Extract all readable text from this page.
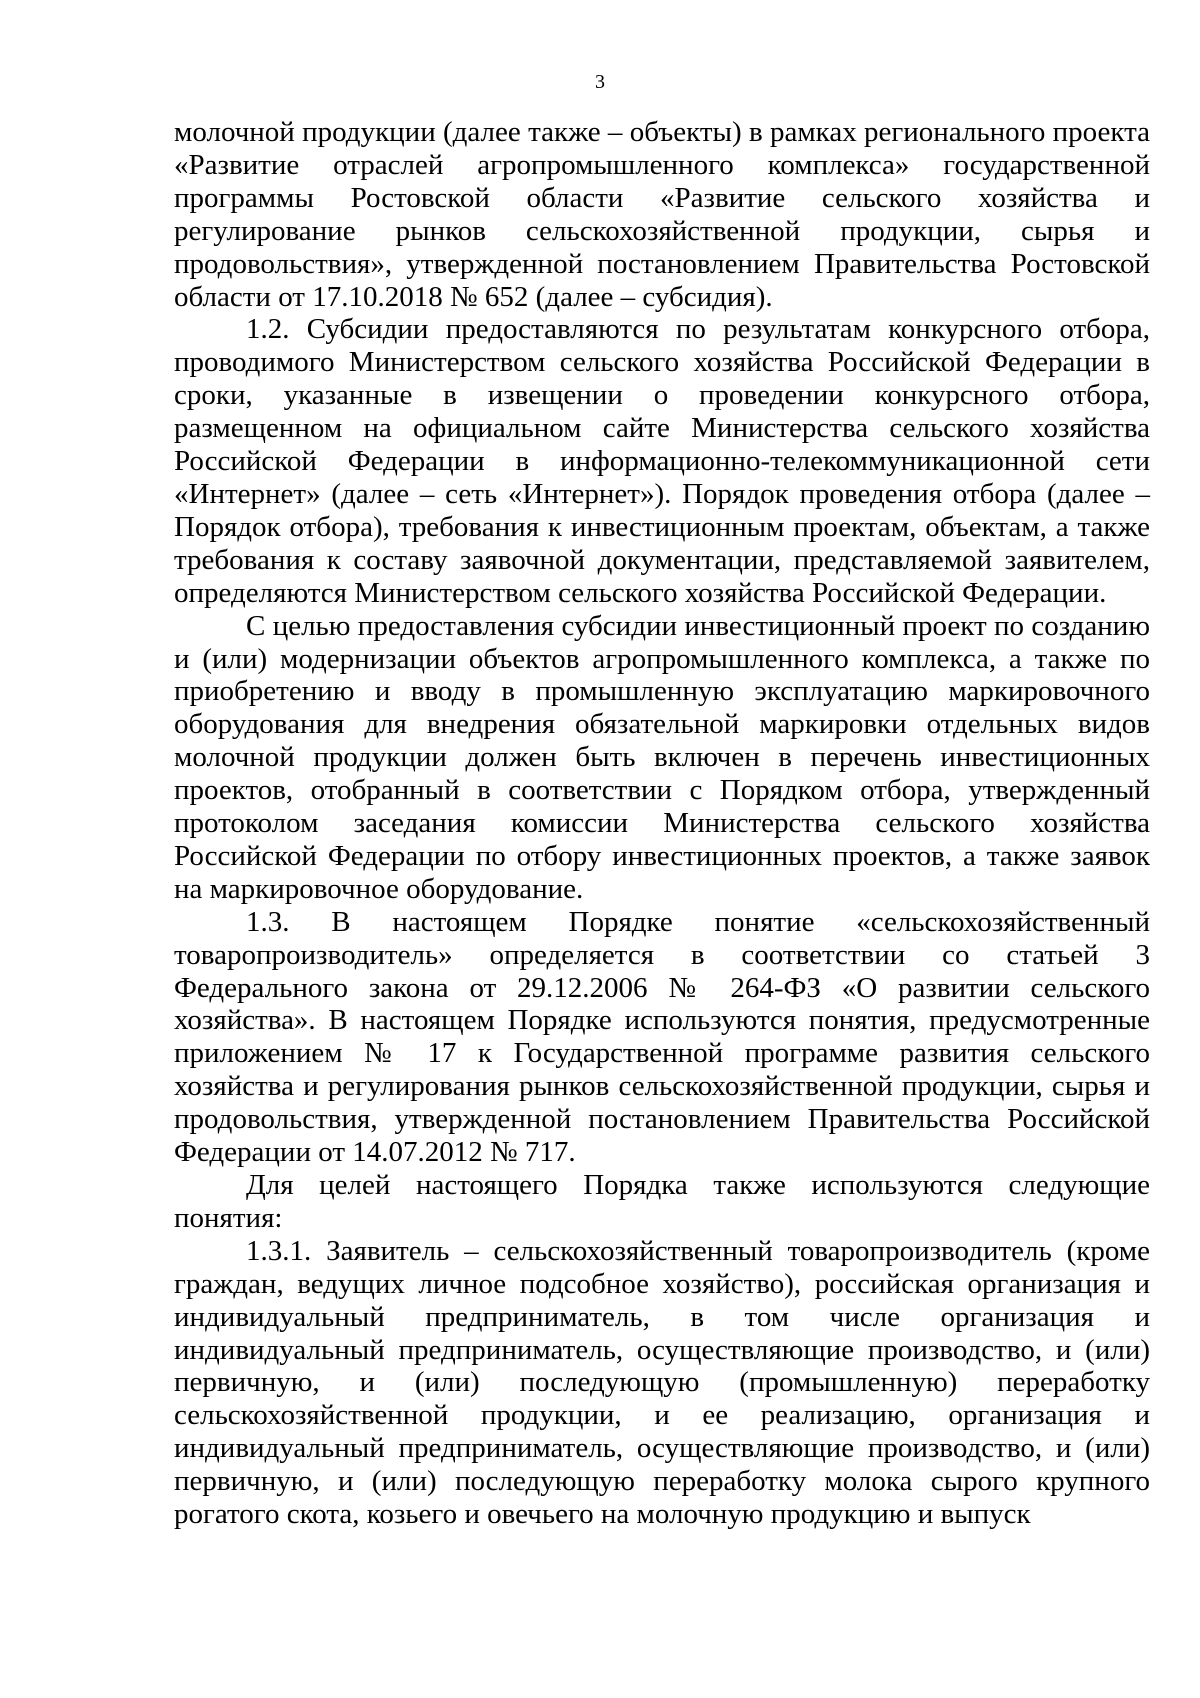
3

молочной продукции (далее также – объекты) в рамках регионального проекта «Развитие отраслей агропромышленного комплекса» государственной программы Ростовской области «Развитие сельского хозяйства и регулирование рынков сельскохозяйственной продукции, сырья и продовольствия», утвержденной постановлением Правительства Ростовской области от 17.10.2018 № 652 (далее – субсидия).

1.2. Субсидии предоставляются по результатам конкурсного отбора, проводимого Министерством сельского хозяйства Российской Федерации в сроки, указанные в извещении о проведении конкурсного отбора, размещенном на официальном сайте Министерства сельского хозяйства Российской Федерации в информационно-телекоммуникационной сети «Интернет» (далее – сеть «Интернет»). Порядок проведения отбора (далее – Порядок отбора), требования к инвестиционным проектам, объектам, а также требования к составу заявочной документации, представляемой заявителем, определяются Министерством сельского хозяйства Российской Федерации.

С целью предоставления субсидии инвестиционный проект по созданию и (или) модернизации объектов агропромышленного комплекса, а также по приобретению и вводу в промышленную эксплуатацию маркировочного оборудования для внедрения обязательной маркировки отдельных видов молочной продукции должен быть включен в перечень инвестиционных проектов, отобранный в соответствии с Порядком отбора, утвержденный протоколом заседания комиссии Министерства сельского хозяйства Российской Федерации по отбору инвестиционных проектов, а также заявок на маркировочное оборудование.

1.3. В настоящем Порядке понятие «сельскохозяйственный товаропроизводитель» определяется в соответствии со статьей 3 Федерального закона от 29.12.2006 № 264-ФЗ «О развитии сельского хозяйства». В настоящем Порядке используются понятия, предусмотренные приложением № 17 к Государственной программе развития сельского хозяйства и регулирования рынков сельскохозяйственной продукции, сырья и продовольствия, утвержденной постановлением Правительства Российской Федерации от 14.07.2012 № 717.

Для целей настоящего Порядка также используются следующие понятия:

1.3.1. Заявитель – сельскохозяйственный товаропроизводитель (кроме граждан, ведущих личное подсобное хозяйство), российская организация и индивидуальный предприниматель, в том числе организация и индивидуальный предприниматель, осуществляющие производство, и (или) первичную, и (или) последующую (промышленную) переработку сельскохозяйственной продукции, и ее реализацию, организация и индивидуальный предприниматель, осуществляющие производство, и (или) первичную, и (или) последующую переработку молока сырого крупного рогатого скота, козьего и овечьего на молочную продукцию и выпуск
